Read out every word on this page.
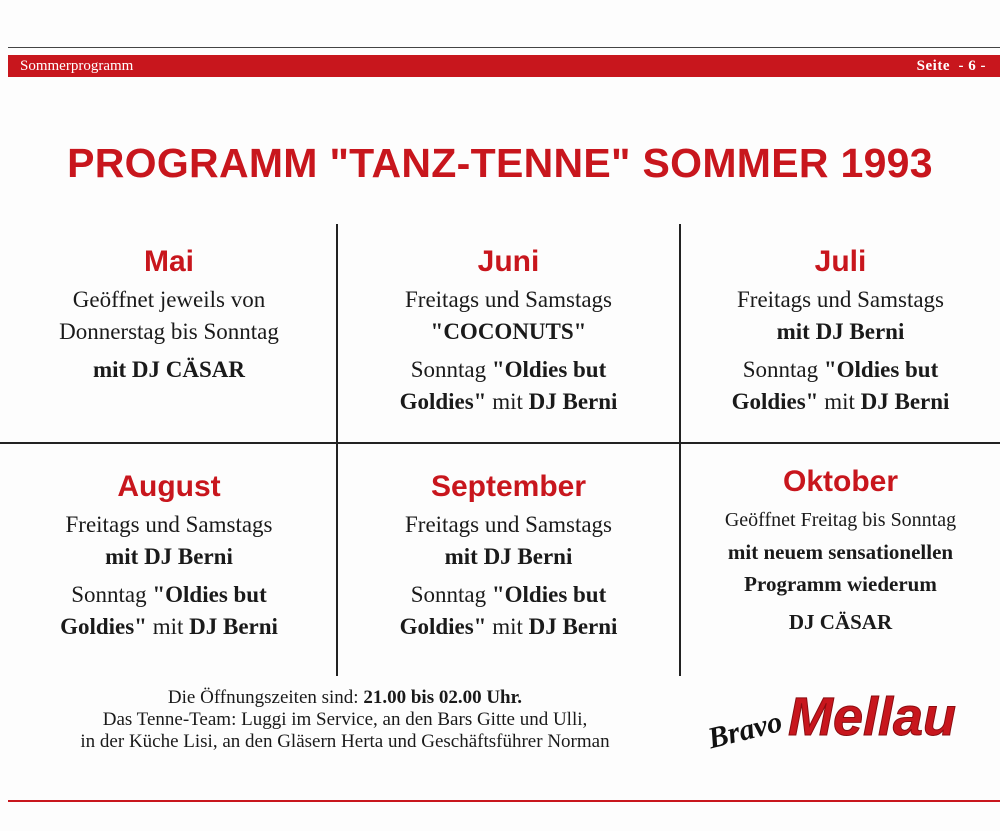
Sommerprogramm	Seite - 6 -
PROGRAMM "TANZ-TENNE" SOMMER 1993
Mai
Geöffnet jeweils von
Donnerstag bis Sonntag
mit DJ CÄSAR
Juni
Freitags und Samstags
"COCONUTS"
Sonntag "Oldies but
Goldies" mit DJ Berni
Juli
Freitags und Samstags
mit DJ Berni
Sonntag "Oldies but
Goldies" mit DJ Berni
August
Freitags und Samstags
mit DJ Berni
Sonntag "Oldies but
Goldies" mit DJ Berni
September
Freitags und Samstags
mit DJ Berni
Sonntag "Oldies but
Goldies" mit DJ Berni
Oktober
Geöffnet Freitag bis Sonntag
mit neuem sensationellen
Programm wiederum
DJ CÄSAR
Die Öffnungszeiten sind: 21.00 bis 02.00 Uhr.
Das Tenne-Team: Luggi im Service, an den Bars Gitte und Ulli,
in der Küche Lisi, an den Gläsern Herta und Geschäftsführer Norman	Bravo Mellau
